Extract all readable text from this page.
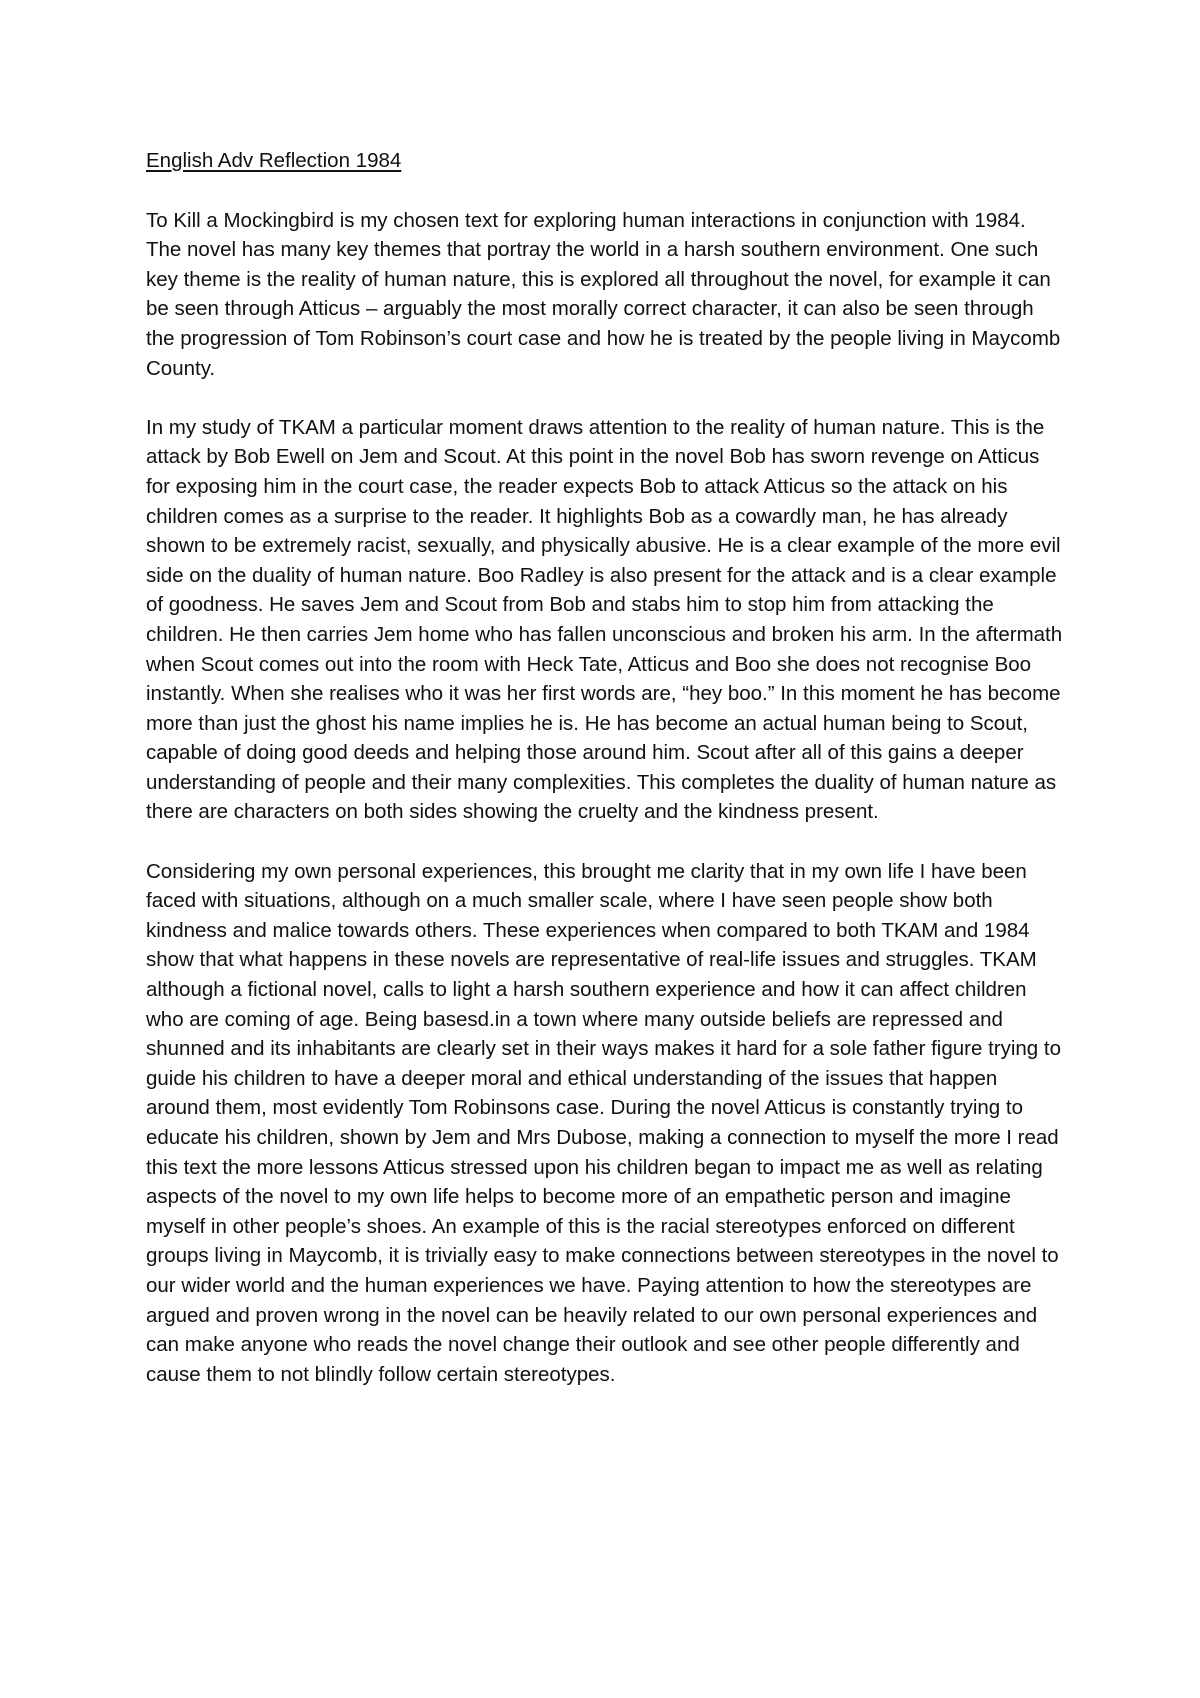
English Adv Reflection 1984

To Kill a Mockingbird is my chosen text for exploring human interactions in conjunction with 1984. The novel has many key themes that portray the world in a harsh southern environment. One such key theme is the reality of human nature, this is explored all throughout the novel, for example it can be seen through Atticus – arguably the most morally correct character, it can also be seen through the progression of Tom Robinson’s court case and how he is treated by the people living in Maycomb County.

In my study of TKAM a particular moment draws attention to the reality of human nature. This is the attack by Bob Ewell on Jem and Scout. At this point in the novel Bob has sworn revenge on Atticus for exposing him in the court case, the reader expects Bob to attack Atticus so the attack on his children comes as a surprise to the reader. It highlights Bob as a cowardly man, he has already shown to be extremely racist, sexually, and physically abusive. He is a clear example of the more evil side on the duality of human nature. Boo Radley is also present for the attack and is a clear example of goodness. He saves Jem and Scout from Bob and stabs him to stop him from attacking the children. He then carries Jem home who has fallen unconscious and broken his arm. In the aftermath when Scout comes out into the room with Heck Tate, Atticus and Boo she does not recognise Boo instantly. When she realises who it was her first words are, “hey boo.” In this moment he has become more than just the ghost his name implies he is. He has become an actual human being to Scout, capable of doing good deeds and helping those around him. Scout after all of this gains a deeper understanding of people and their many complexities. This completes the duality of human nature as there are characters on both sides showing the cruelty and the kindness present.

Considering my own personal experiences, this brought me clarity that in my own life I have been faced with situations, although on a much smaller scale, where I have seen people show both kindness and malice towards others. These experiences when compared to both TKAM and 1984 show that what happens in these novels are representative of real-life issues and struggles. TKAM although a fictional novel, calls to light a harsh southern experience and how it can affect children who are coming of age. Being basesd.in a town where many outside beliefs are repressed and shunned and its inhabitants are clearly set in their ways makes it hard for a sole father figure trying to guide his children to have a deeper moral and ethical understanding of the issues that happen around them, most evidently Tom Robinsons case. During the novel Atticus is constantly trying to educate his children, shown by Jem and Mrs Dubose, making a connection to myself the more I read this text the more lessons Atticus stressed upon his children began to impact me as well as relating aspects of the novel to my own life helps to become more of an empathetic person and imagine myself in other people’s shoes. An example of this is the racial stereotypes enforced on different groups living in Maycomb, it is trivially easy to make connections between stereotypes in the novel to our wider world and the human experiences we have. Paying attention to how the stereotypes are argued and proven wrong in the novel can be heavily related to our own personal experiences and can make anyone who reads the novel change their outlook and see other people differently and cause them to not blindly follow certain stereotypes.
